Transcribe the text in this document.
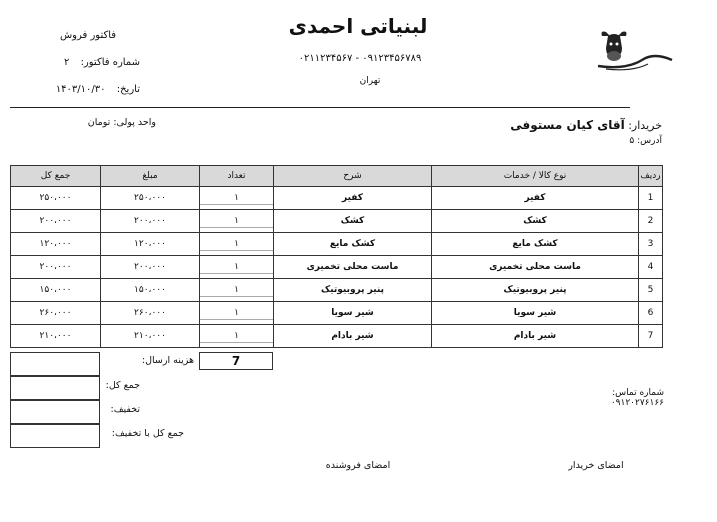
لبنیاتی احمدی
۰۲۱۱۲۳۴۵۶۷ - ۰۹۱۲۳۴۵۶۷۸۹
تهران
فاکتور فروش
شماره فاکتور: ۲
تاریخ: ۱۴۰۳/۱۰/۳۰
خریدار: آقای کیان مستوفی
آدرس: ۵
واحد پولی: تومان
جمع کل	مبلغ	تعداد	شرح	نوع کالا / خدمات	ردیف
۲۵۰،۰۰۰	۲۵۰،۰۰۰	۱	کفیر	کفیر	1
۲۰۰،۰۰۰	۲۰۰،۰۰۰	۱	کشک	کشک	2
۱۲۰،۰۰۰	۱۲۰،۰۰۰	۱	کشک مایع	کشک مایع	3
۲۰۰،۰۰۰	۲۰۰،۰۰۰	۱	ماست محلی تخمیری	ماست محلی تخمیری	4
۱۵۰،۰۰۰	۱۵۰،۰۰۰	۱	پنیر پروبیوتیک	پنیر پروبیوتیک	5
۲۶۰،۰۰۰	۲۶۰،۰۰۰	۱	شیر سویا	شیر سویا	6
۲۱۰،۰۰۰	۲۱۰،۰۰۰	۱	شیر بادام	شیر بادام	7
7
هزینه ارسال:
جمع کل:
تخفیف:
جمع کل با تخفیف:
شماره تماس: ۰۹۱۲۰۲۷۶۱۶۶
امضای خریدار
امضای فروشنده
